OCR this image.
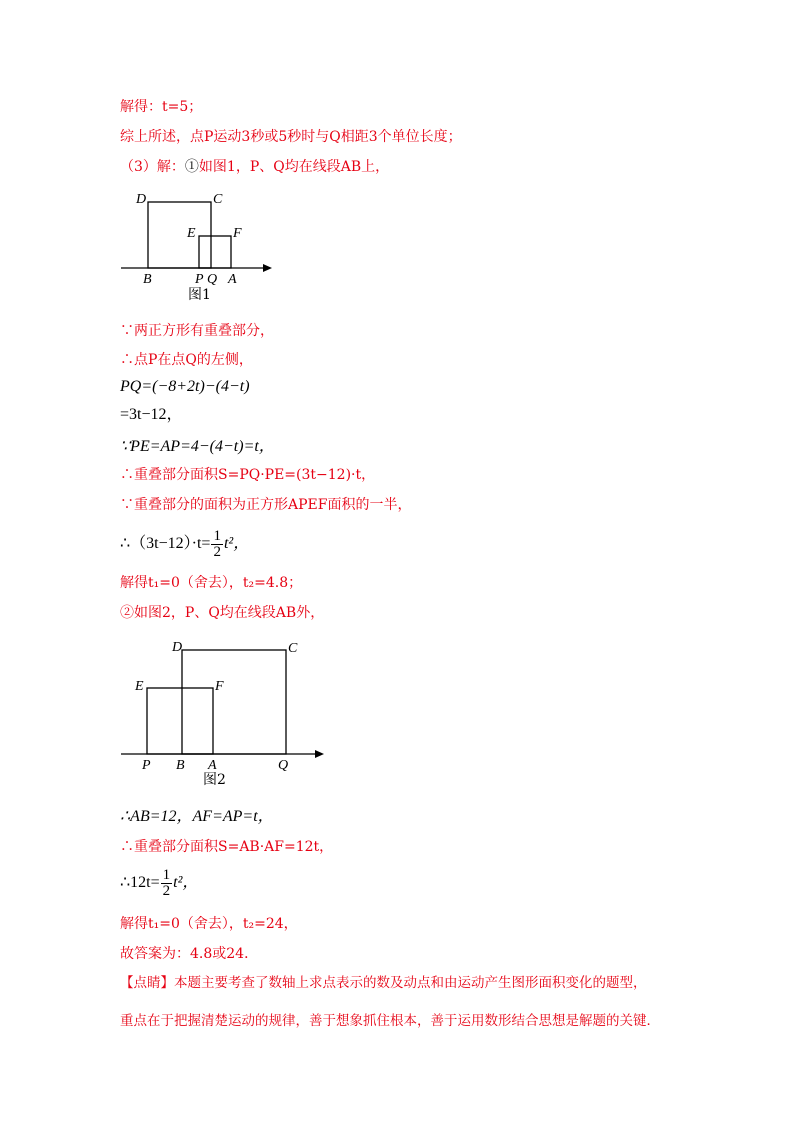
解得：t=5；
综上所述，点P运动3秒或5秒时与Q相距3个单位长度；
（3）解：①如图1，P、Q均在线段AB上，
D	C
E	F
B	P Q A
图1
∵两正方形有重叠部分，
∴点P在点Q的左侧，
PQ=(−8+2t)−(4−t)
=3t−12，
∵PE=AP=4−(4−t)=t，
∴重叠部分面积S=PQ·PE=(3t−12)·t，
∵重叠部分的面积为正方形APEF面积的一半，
∴（3t−12）·t= $\frac{1}{2} t^2$，
解得t₁=0（舍去），t₂=4.8；
②如图2，P、Q均在线段AB外，
D	C
E	F
P B A	Q
图2
∴AB=12，AF=AP=t，
∴重叠部分面积S=AB·AF=12t，
∴12t= $\frac{1}{2} t^2$，
解得t₁=0（舍去），t₂=24，
故答案为：4.8或24．
【点睛】本题主要考查了数轴上求点表示的数及动点和由运动产生图形面积变化的题型，
重点在于把握清楚运动的规律，善于想象抓住根本，善于运用数形结合思想是解题的关键．
